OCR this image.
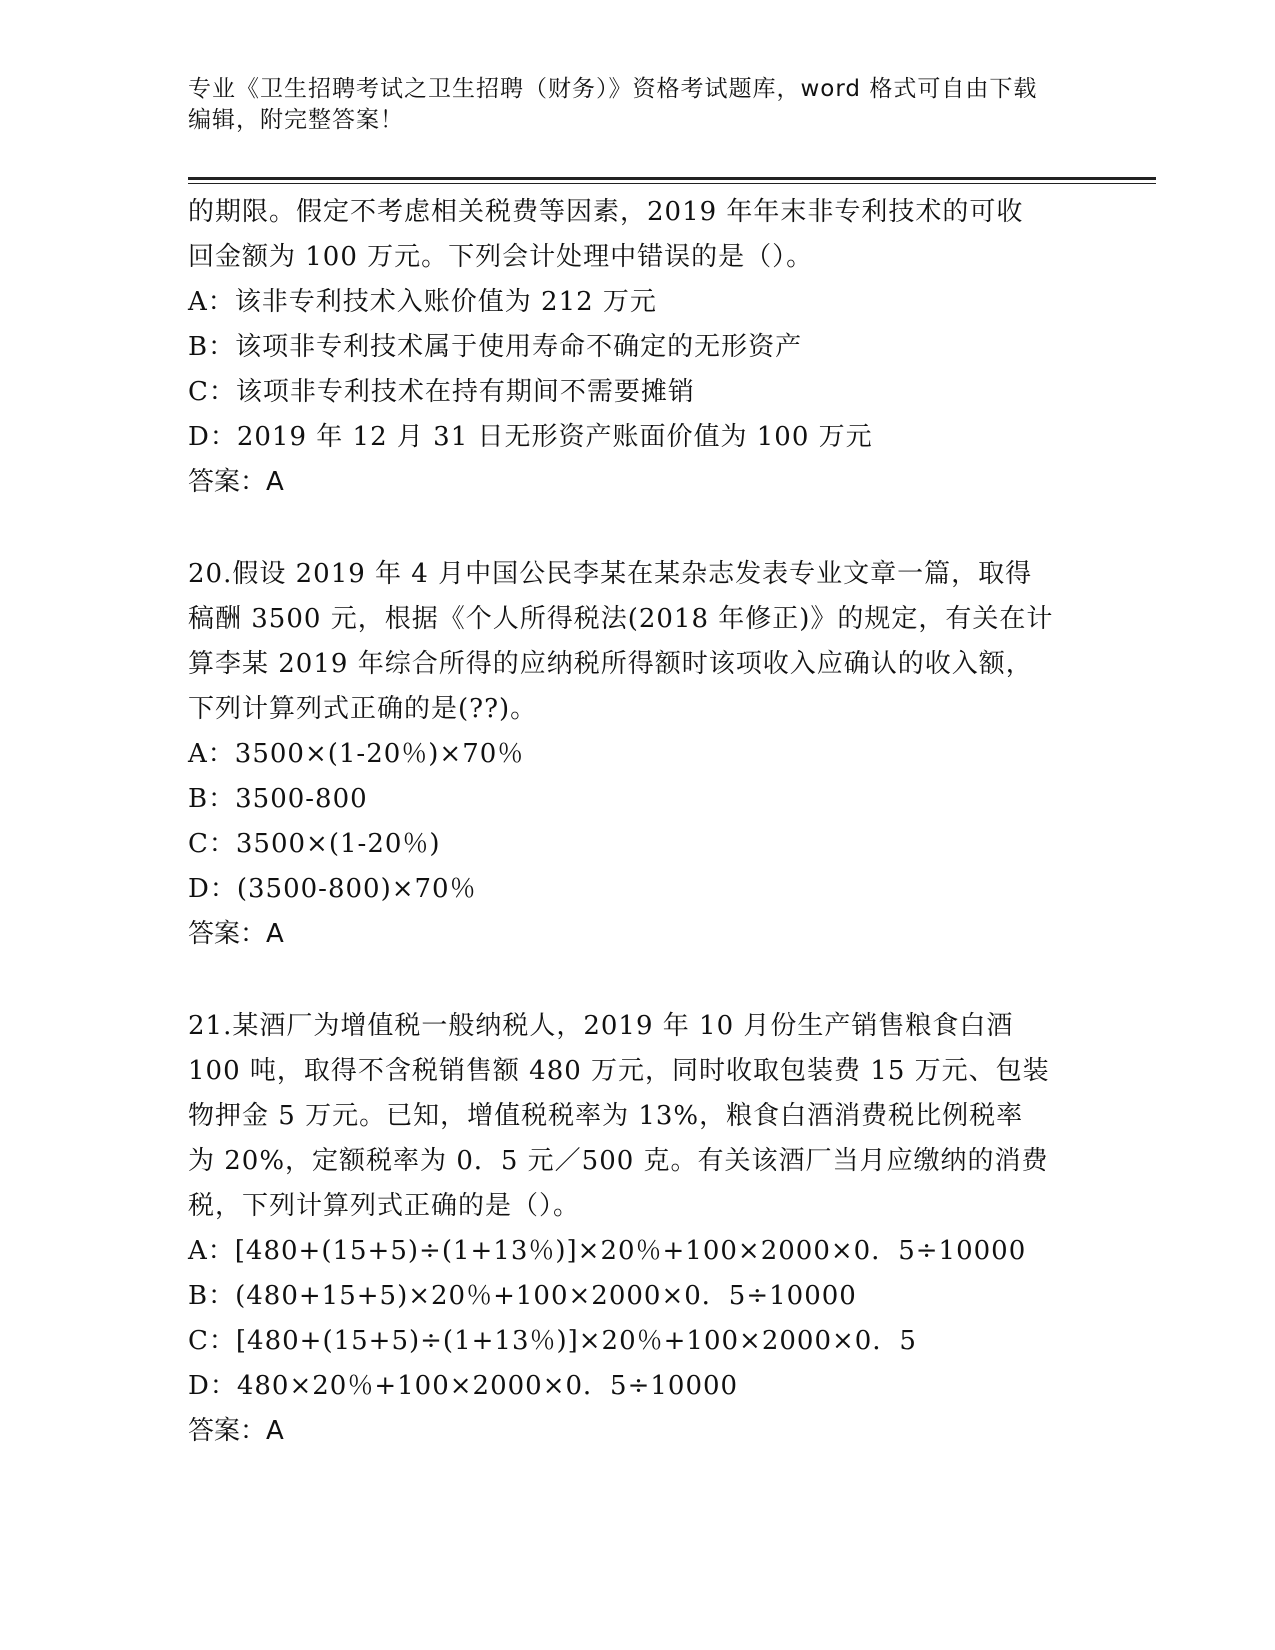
专业《卫生招聘考试之卫生招聘（财务）》资格考试题库，word 格式可自由下载
编辑，附完整答案！
的期限。假定不考虑相关税费等因素，2019 年年末非专利技术的可收
回金额为 100 万元。下列会计处理中错误的是（）。
A：该非专利技术入账价值为 212 万元
B：该项非专利技术属于使用寿命不确定的无形资产
C：该项非专利技术在持有期间不需要摊销
D：2019 年 12 月 31 日无形资产账面价值为 100 万元
答案：A
20.假设 2019 年 4 月中国公民李某在某杂志发表专业文章一篇，取得
稿酬 3500 元，根据《个人所得税法(2018 年修正)》的规定，有关在计
算李某 2019 年综合所得的应纳税所得额时该项收入应确认的收入额，
下列计算列式正确的是(??)。
A：3500×(1-20％)×70％
B：3500-800
C：3500×(1-20％)
D：(3500-800)×70％
答案：A
21.某酒厂为增值税一般纳税人，2019 年 10 月份生产销售粮食白酒
100 吨，取得不含税销售额 480 万元，同时收取包装费 15 万元、包装
物押金 5 万元。已知，增值税税率为 13%，粮食白酒消费税比例税率
为 20%，定额税率为 0．5 元／500 克。有关该酒厂当月应缴纳的消费
税，下列计算列式正确的是（）。
A：[480+(15+5)÷(1+13％)]×20％+100×2000×0．5÷10000
B：(480+15+5)×20％+100×2000×0．5÷10000
C：[480+(15+5)÷(1+13％)]×20％+100×2000×0．5
D：480×20％+100×2000×0．5÷10000
答案：A
